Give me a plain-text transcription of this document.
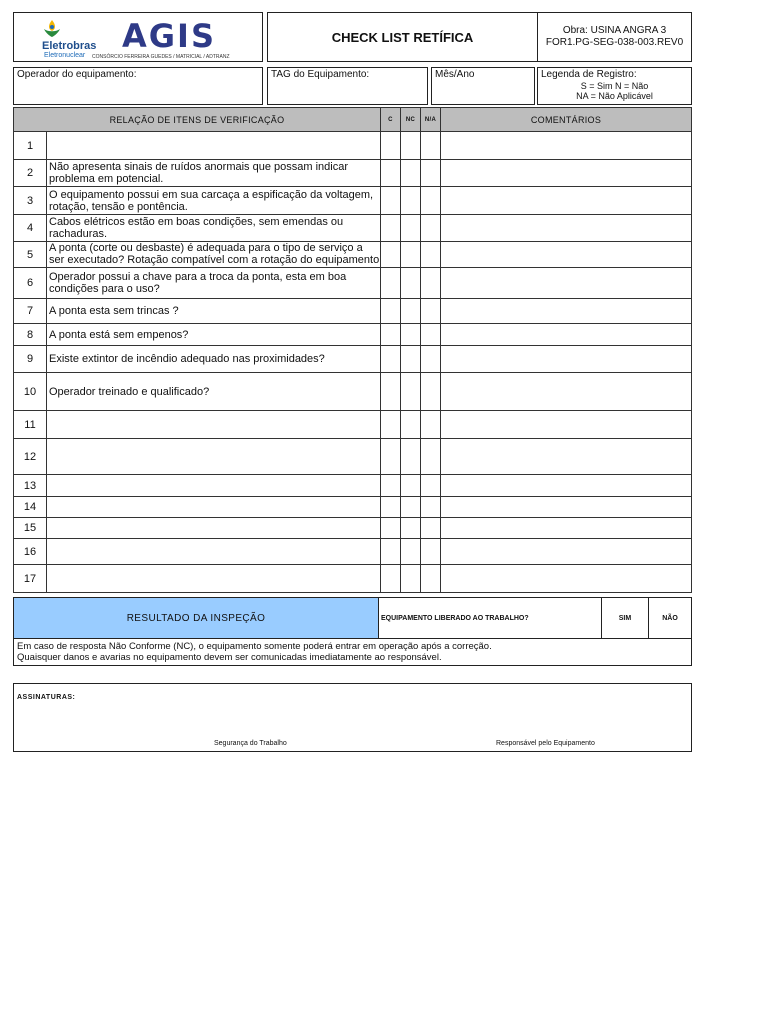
Eletrobras
Eletronuclear
AGIS
CONSÓRCIO FERREIRA GUEDES / MATRICIAL / ADTRANZ
CHECK LIST RETÍFICA	Obra: USINA ANGRA 3
FOR1.PG-SEG-038-003.REV0
Operador do equipamento:	TAG do Equipamento:	Mês/Ano	Legenda de Registro:
S = Sim N = Não
NA = Não Aplicável
RELAÇÃO DE ITENS DE VERIFICAÇÃO		C	NC	N/A	COMENTÁRIOS
1	

2	Não apresenta sinais de ruídos anormais que possam indicar problema em potencial.				

3	O equipamento possui em sua carcaça a espificação da voltagem, rotação, tensão e pontência.				

4	Cabos elétricos estão em boas condições, sem emendas ou rachaduras.				

5	A ponta (corte ou desbaste) é adequada para o tipo de serviço a ser executado? Rotação compatível com a rotação do equipamento				

6	Operador possui a chave para a troca da ponta, esta em boa condições para o uso?				

7	A ponta esta sem trincas ?				

8	A ponta está sem empenos?				

9	Existe extintor de incêndio adequado nas proximidades?				

10	Operador treinado e qualificado?				

11	

12	

13	

14	

15	

16	

17	

RESULTADO DA INSPEÇÃO	EQUIPAMENTO LIBERADO AO TRABALHO?	SIM	NÃO
Em caso de resposta Não Conforme (NC), o equipamento somente poderá entrar em operação após a correção.
Quaisquer danos e avarias no equipamento devem ser comunicadas imediatamente ao responsável.
ASSINATURAS:
Segurança do Trabalho	Responsável pelo Equipamento
